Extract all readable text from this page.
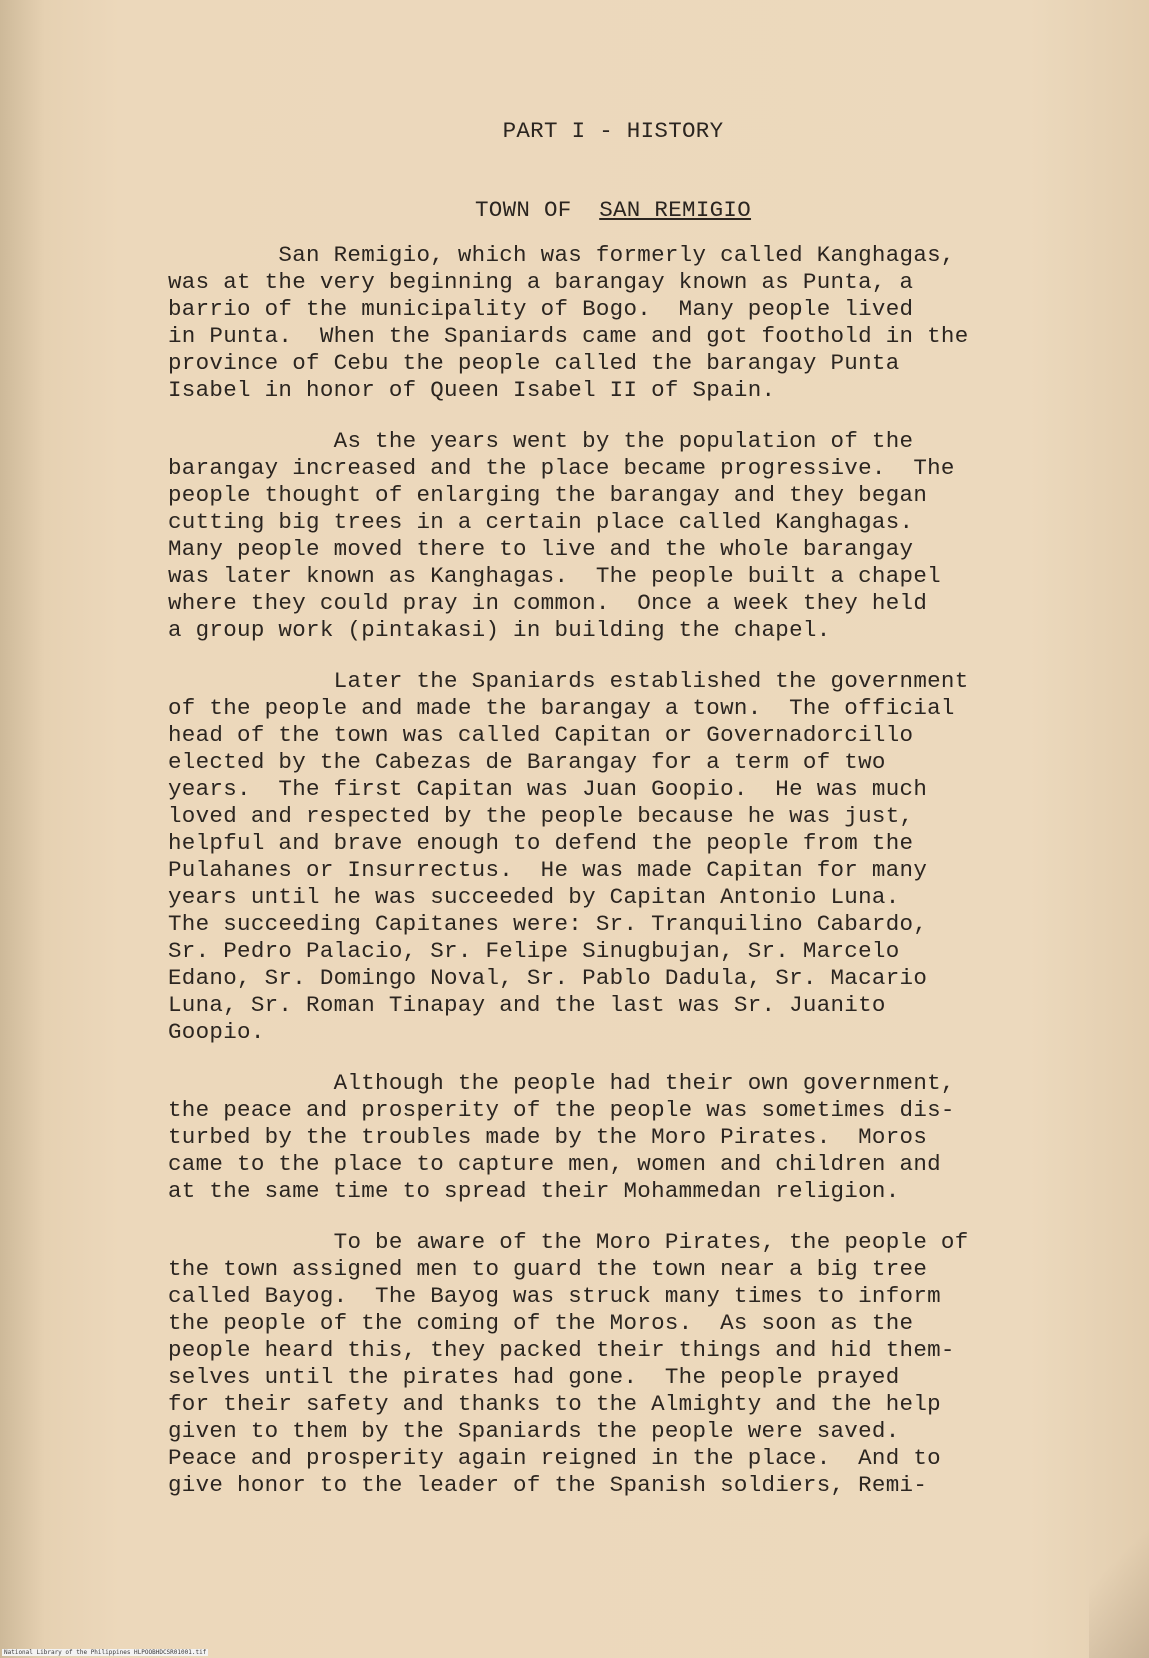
PART I - HISTORY
TOWN OF SAN REMIGIO
San Remigio, which was formerly called Kanghagas,
was at the very beginning a barangay known as Punta, a
barrio of the municipality of Bogo.  Many people lived
in Punta.  When the Spaniards came and got foothold in the
province of Cebu the people called the barangay Punta
Isabel in honor of Queen Isabel II of Spain.
As the years went by the population of the
barangay increased and the place became progressive.  The
people thought of enlarging the barangay and they began
cutting big trees in a certain place called Kanghagas.
Many people moved there to live and the whole barangay
was later known as Kanghagas.  The people built a chapel
where they could pray in common.  Once a week they held
a group work (pintakasi) in building the chapel.
Later the Spaniards established the government
of the people and made the barangay a town.  The official
head of the town was called Capitan or Governadorcillo
elected by the Cabezas de Barangay for a term of two
years.  The first Capitan was Juan Goopio.  He was much
loved and respected by the people because he was just,
helpful and brave enough to defend the people from the
Pulahanes or Insurrectus.  He was made Capitan for many
years until he was succeeded by Capitan Antonio Luna.
The succeeding Capitanes were: Sr. Tranquilino Cabardo,
Sr. Pedro Palacio, Sr. Felipe Sinugbujan, Sr. Marcelo
Edano, Sr. Domingo Noval, Sr. Pablo Dadula, Sr. Macario
Luna, Sr. Roman Tinapay and the last was Sr. Juanito
Goopio.
Although the people had their own government,
the peace and prosperity of the people was sometimes dis-
turbed by the troubles made by the Moro Pirates.  Moros
came to the place to capture men, women and children and
at the same time to spread their Mohammedan religion.
To be aware of the Moro Pirates, the people of
the town assigned men to guard the town near a big tree
called Bayog.  The Bayog was struck many times to inform
the people of the coming of the Moros.  As soon as the
people heard this, they packed their things and hid them-
selves until the pirates had gone.  The people prayed
for their safety and thanks to the Almighty and the help
given to them by the Spaniards the people were saved.
Peace and prosperity again reigned in the place.  And to
give honor to the leader of the Spanish soldiers, Remi-
National Library of the Philippines HLPOOBHDCSR01001.tif
